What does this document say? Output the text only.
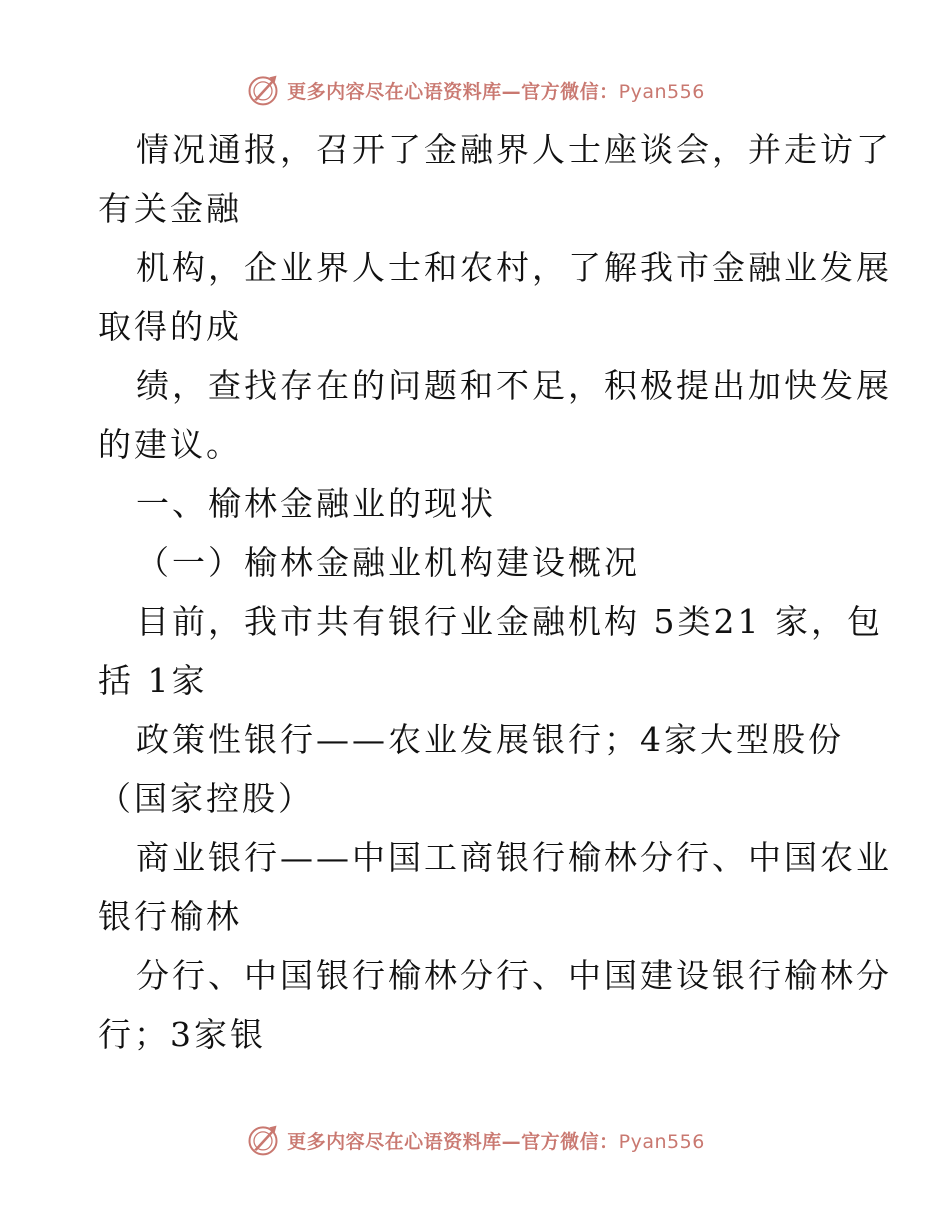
更多内容尽在心语资料库—官方微信：Pyan556
情况通报，召开了金融界人士座谈会，并走访了
有关金融
机构，企业界人士和农村，了解我市金融业发展
取得的成
绩，查找存在的问题和不足，积极提出加快发展
的建议。
一、榆林金融业的现状
（一）榆林金融业机构建设概况
目前，我市共有银行业金融机构 5类21 家，包
括 1家
政策性银行——农业发展银行；4家大型股份
（国家控股）
商业银行——中国工商银行榆林分行、中国农业
银行榆林
分行、中国银行榆林分行、中国建设银行榆林分
行；3家银
更多内容尽在心语资料库—官方微信：Pyan556
